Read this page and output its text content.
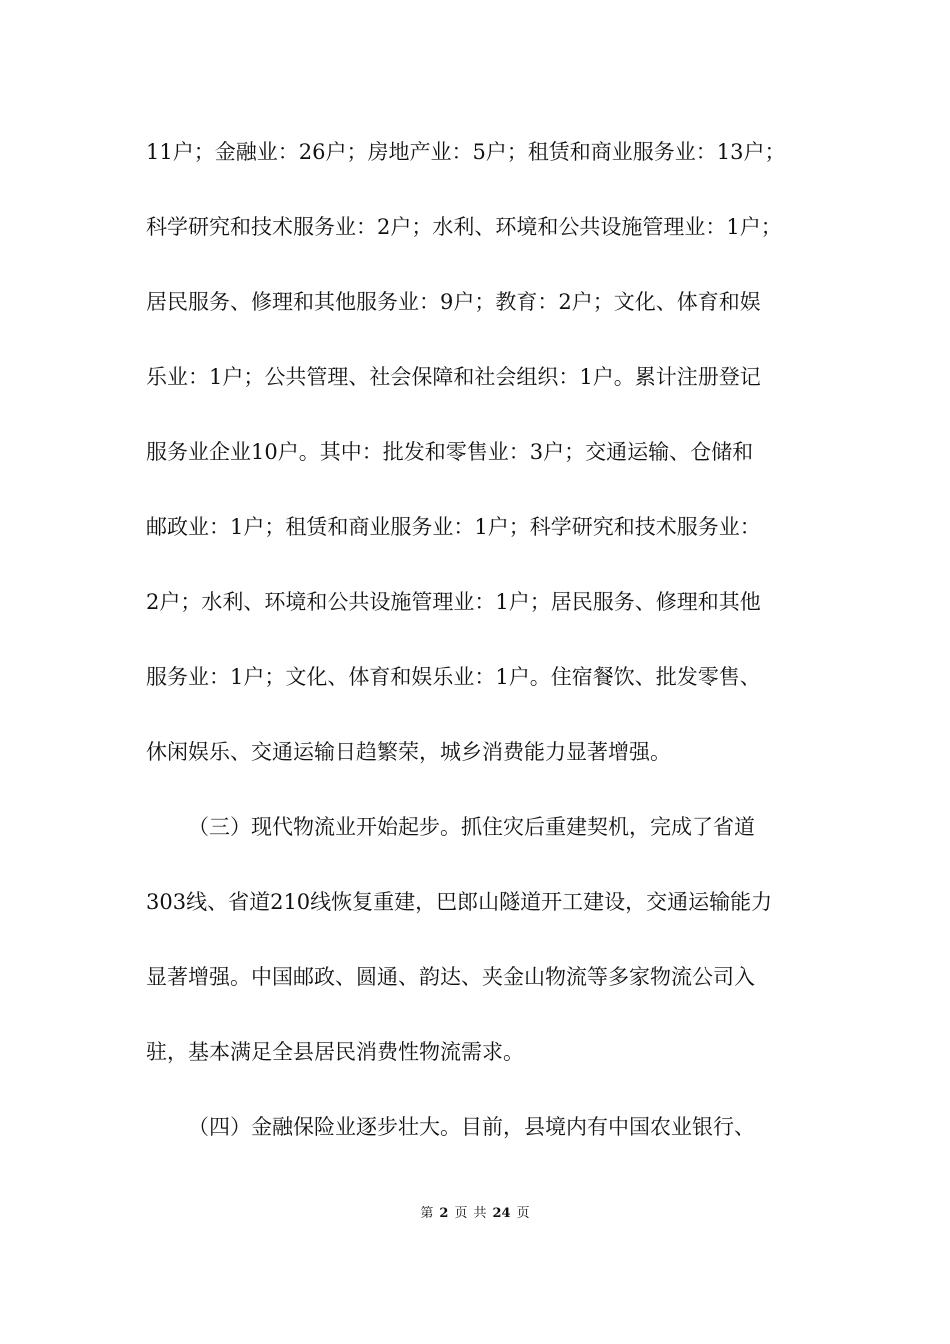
11户；金融业：26户；房地产业：5户；租赁和商业服务业：13户；
科学研究和技术服务业：2户；水利、环境和公共设施管理业：1户；
居民服务、修理和其他服务业：9户；教育：2户；文化、体育和娱
乐业：1户；公共管理、社会保障和社会组织：1户。累计注册登记
服务业企业10户。其中：批发和零售业：3户；交通运输、仓储和
邮政业：1户；租赁和商业服务业：1户；科学研究和技术服务业：
2户；水利、环境和公共设施管理业：1户；居民服务、修理和其他
服务业：1户；文化、体育和娱乐业：1户。住宿餐饮、批发零售、
休闲娱乐、交通运输日趋繁荣，城乡消费能力显著增强。
（三）现代物流业开始起步。抓住灾后重建契机，完成了省道
303线、省道210线恢复重建，巴郎山隧道开工建设，交通运输能力
显著增强。中国邮政、圆通、韵达、夹金山物流等多家物流公司入
驻，基本满足全县居民消费性物流需求。
（四）金融保险业逐步壮大。目前，县境内有中国农业银行、
第 2 页 共 24 页
